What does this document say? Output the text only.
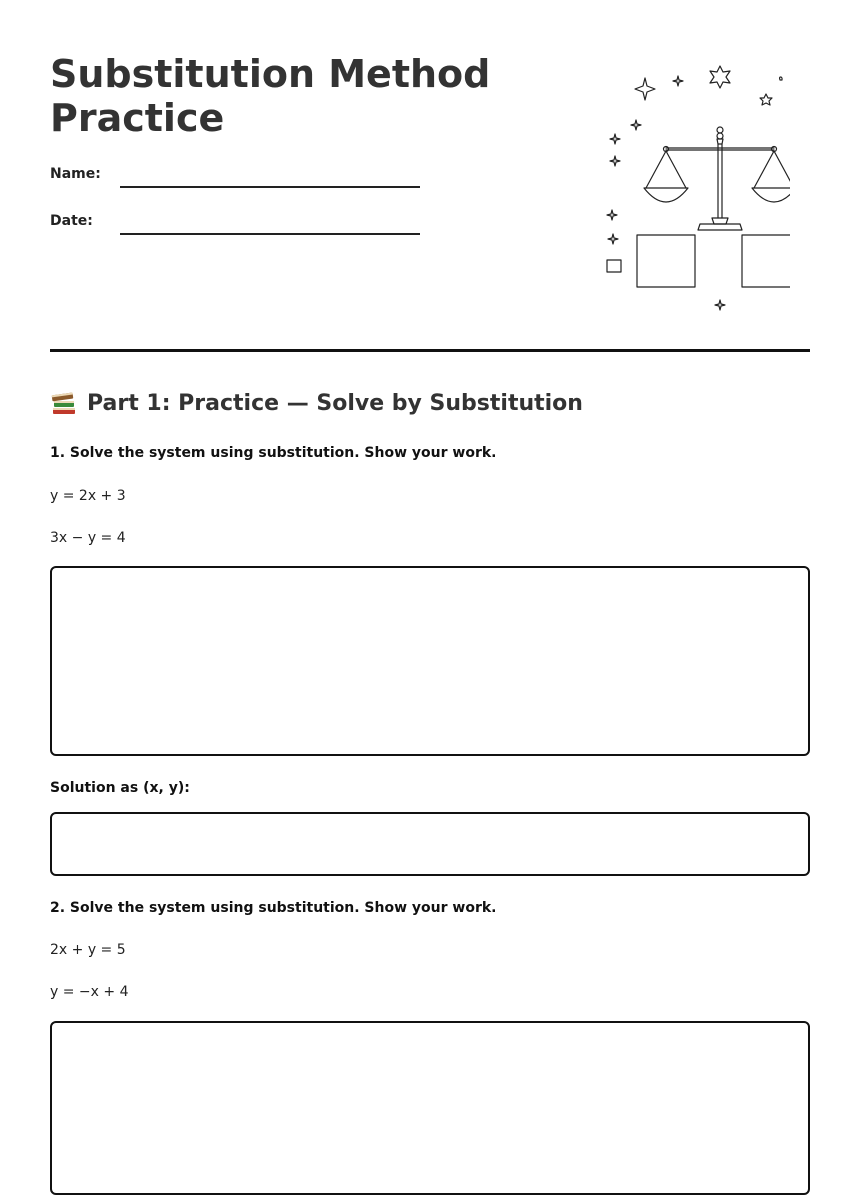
Substitution Method Practice
Name:
Date:
Part 1: Practice — Solve by Substitution

1. Solve the system using substitution. Show your work.

y = 2x + 3

3x − y = 4

Solution as (x, y):

2. Solve the system using substitution. Show your work.

2x + y = 5

y = −x + 4
